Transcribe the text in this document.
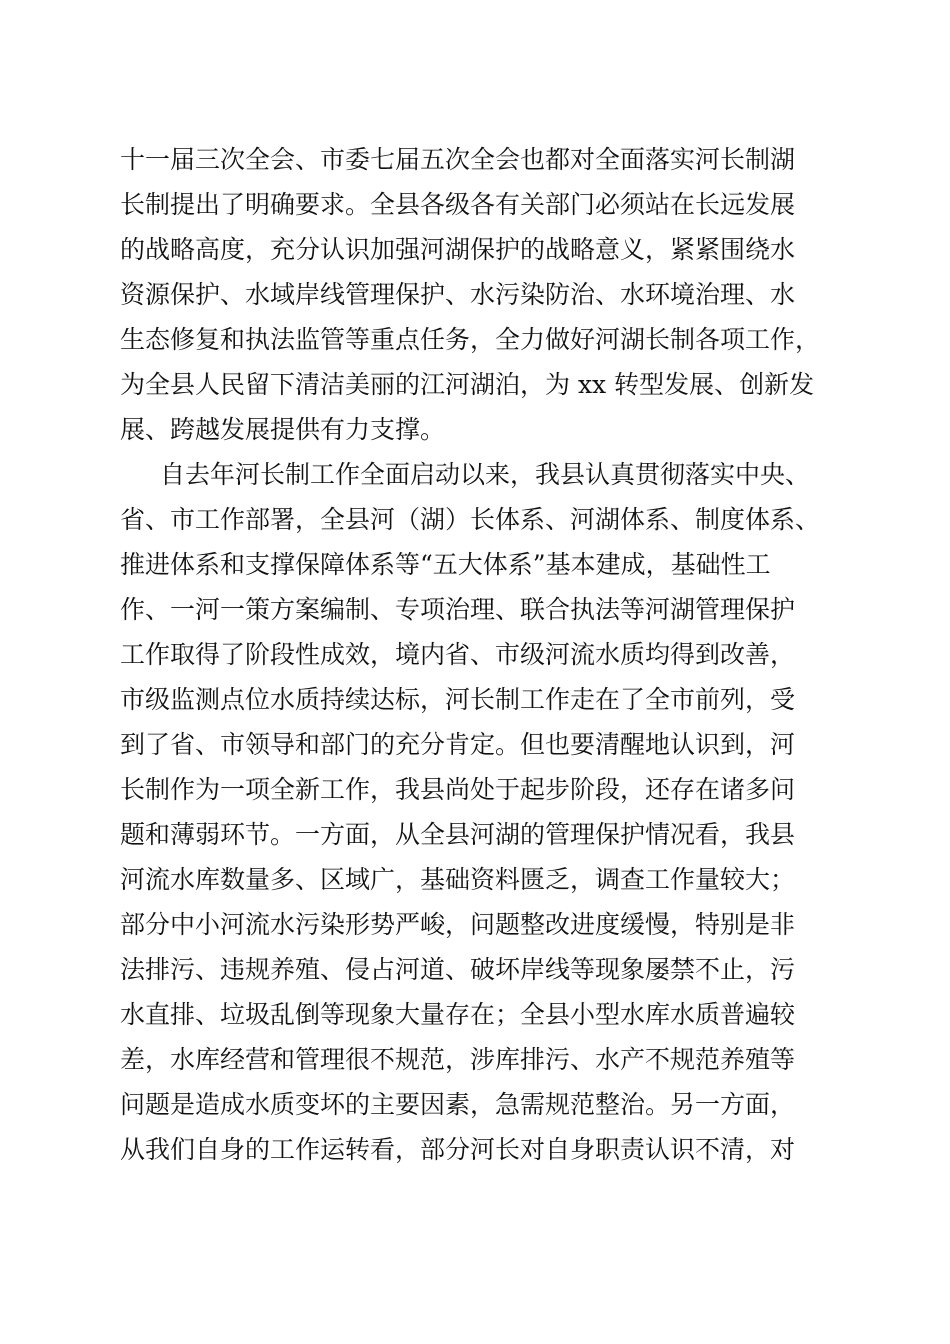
十一届三次全会、市委七届五次全会也都对全面落实河长制湖
长制提出了明确要求。全县各级各有关部门必须站在长远发展
的战略高度，充分认识加强河湖保护的战略意义，紧紧围绕水
资源保护、水域岸线管理保护、水污染防治、水环境治理、水
生态修复和执法监管等重点任务，全力做好河湖长制各项工作，
为全县人民留下清洁美丽的江河湖泊，为 xx 转型发展、创新发
展、跨越发展提供有力支撑。
自去年河长制工作全面启动以来，我县认真贯彻落实中央、
省、市工作部署，全县河（湖）长体系、河湖体系、制度体系、
推进体系和支撑保障体系等“五大体系”基本建成，基础性工
作、一河一策方案编制、专项治理、联合执法等河湖管理保护
工作取得了阶段性成效，境内省、市级河流水质均得到改善，
市级监测点位水质持续达标，河长制工作走在了全市前列，受
到了省、市领导和部门的充分肯定。但也要清醒地认识到，河
长制作为一项全新工作，我县尚处于起步阶段，还存在诸多问
题和薄弱环节。一方面，从全县河湖的管理保护情况看，我县
河流水库数量多、区域广，基础资料匮乏，调查工作量较大；
部分中小河流水污染形势严峻，问题整改进度缓慢，特别是非
法排污、违规养殖、侵占河道、破坏岸线等现象屡禁不止，污
水直排、垃圾乱倒等现象大量存在；全县小型水库水质普遍较
差，水库经营和管理很不规范，涉库排污、水产不规范养殖等
问题是造成水质变坏的主要因素，急需规范整治。另一方面，
从我们自身的工作运转看，部分河长对自身职责认识不清，对
